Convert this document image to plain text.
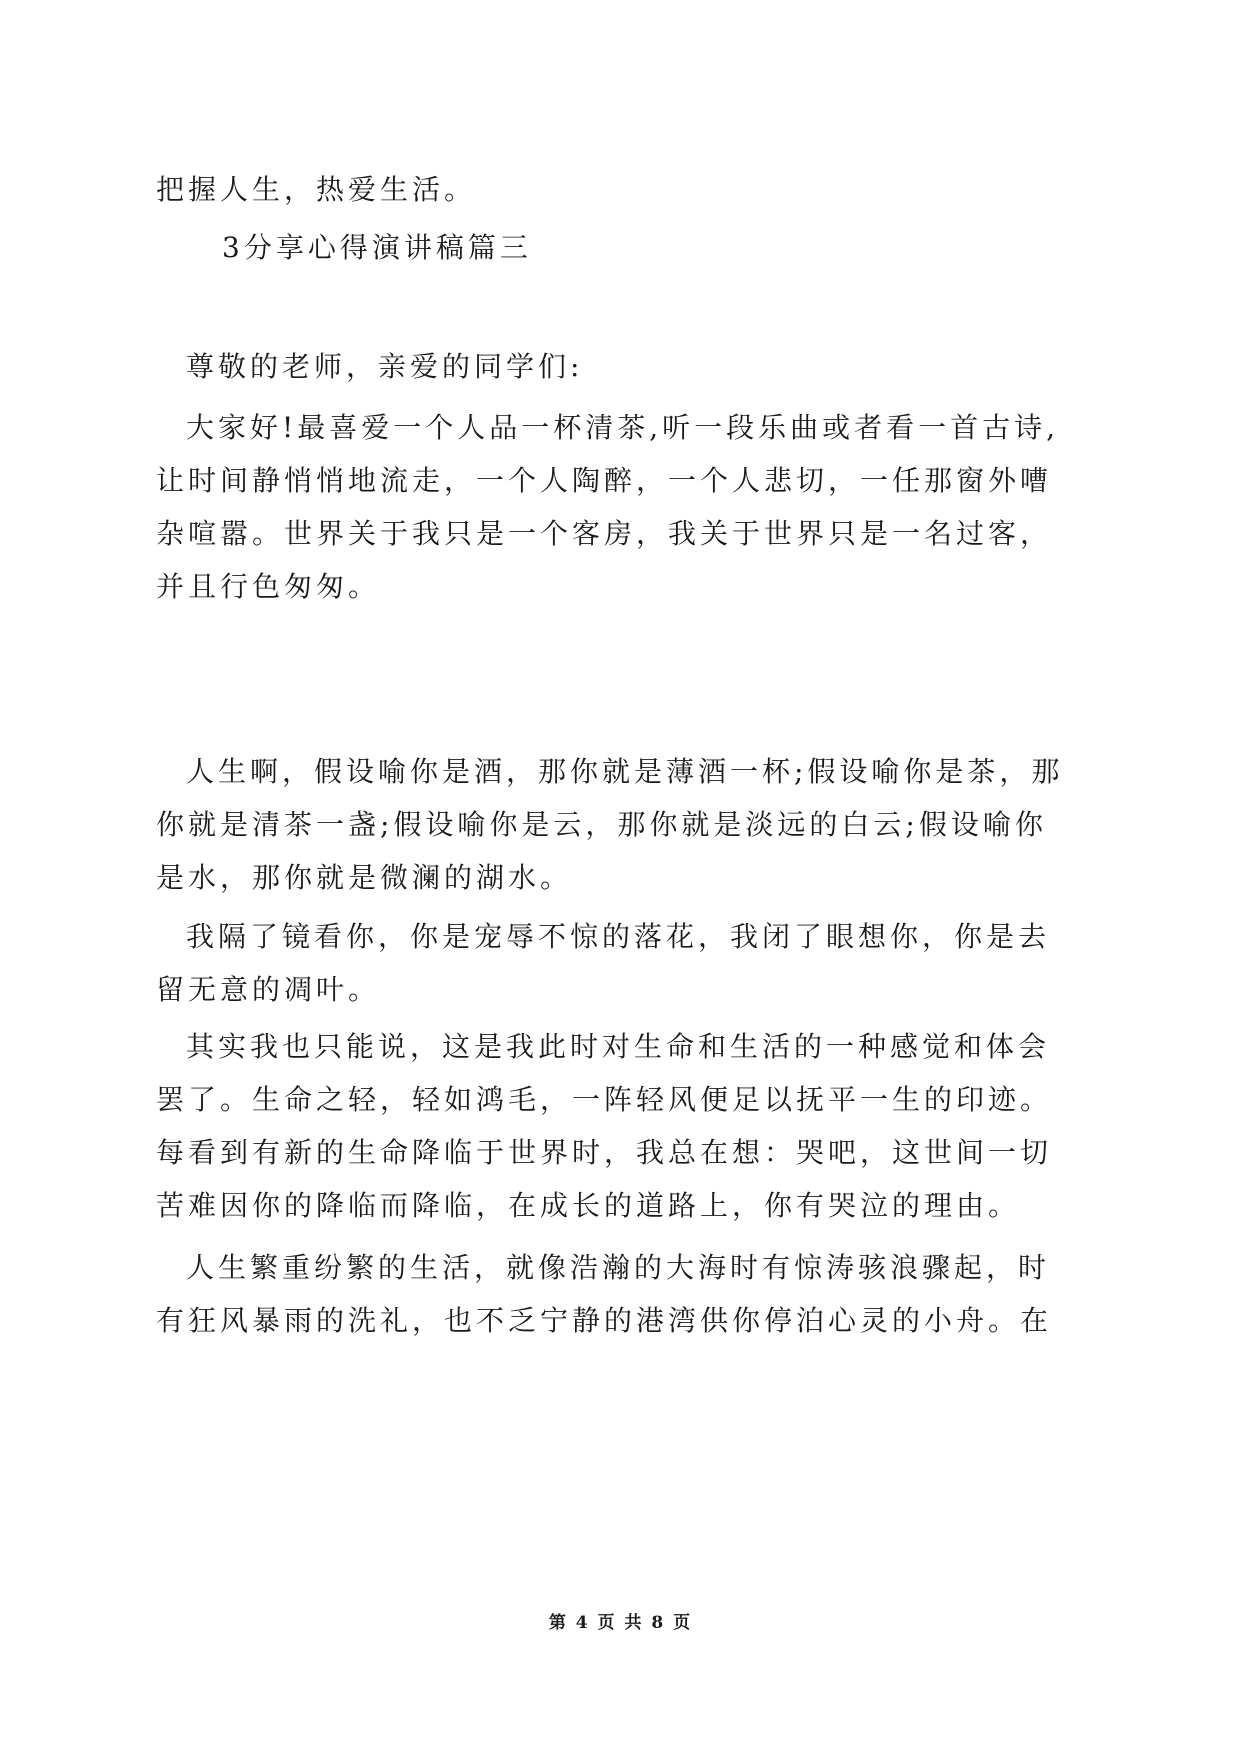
把握人生，热爱生活。
3分享心得演讲稿篇三
尊敬的老师，亲爱的同学们:
大家好!最喜爱一个人品一杯清茶,听一段乐曲或者看一首古诗,
让时间静悄悄地流走，一个人陶醉，一个人悲切，一任那窗外嘈
杂喧嚣。世界关于我只是一个客房，我关于世界只是一名过客，
并且行色匆匆。
人生啊，假设喻你是酒，那你就是薄酒一杯;假设喻你是茶，那
你就是清茶一盏;假设喻你是云，那你就是淡远的白云;假设喻你
是水，那你就是微澜的湖水。
我隔了镜看你，你是宠辱不惊的落花，我闭了眼想你，你是去
留无意的凋叶。
其实我也只能说，这是我此时对生命和生活的一种感觉和体会
罢了。生命之轻，轻如鸿毛，一阵轻风便足以抚平一生的印迹。
每看到有新的生命降临于世界时，我总在想：哭吧，这世间一切
苦难因你的降临而降临，在成长的道路上，你有哭泣的理由。
人生繁重纷繁的生活，就像浩瀚的大海时有惊涛骇浪骤起，时
有狂风暴雨的洗礼，也不乏宁静的港湾供你停泊心灵的小舟。在
第 4 页 共 8 页
